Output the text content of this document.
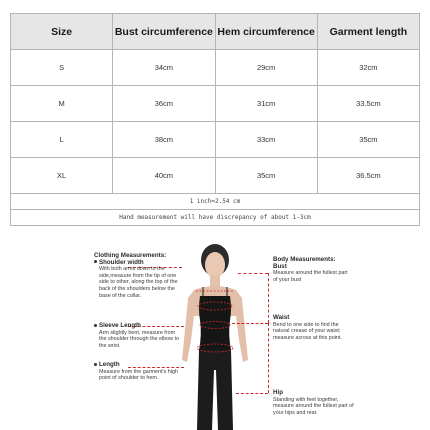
Size	Bust circumference	Hem circumference	Garment length
S	34cm	29cm	32cm
M	36cm	31cm	33.5cm
L	38cm	33cm	35cm
XL	40cm	35cm	36.5cm
1 inch=2.54 cm			
Hand measurement will have discrepancy of about 1-3cm			
Clothing Measurements:
Shoulder width
With both arms down to the side,measure from the tip of one side to other, along the top of the back of the shoulders below the base of the collar.
Sleeve Length
Arm slightly bent, measure from the shoulder through the elbow to the wrist.
Length
Measure from the garment's high point of shoulder to hem.
Body Measurements:
Bust
Measure around the fullest part of your bust
Waist
Bend to one side to find the natural crease of your waist; measure across at this point.
Hip
Standing with feet together, measure around the fullest part of your hips and rear.
